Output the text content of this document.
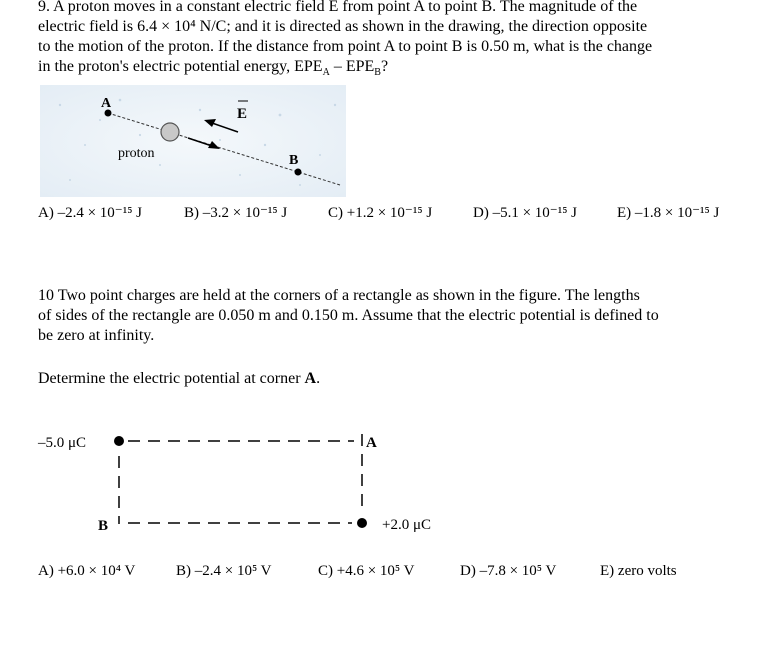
9. A proton moves in a constant electric field E from point A to point B. The magnitude of the
electric field is 6.4 × 10⁴ N/C; and it is directed as shown in the drawing, the direction opposite
to the motion of the proton. If the distance from point A to point B is 0.50 m, what is the change
in the proton's electric potential energy, $EPE_A - EPE_B$?
A
proton
E
B
A) –2.4 × 10⁻¹⁵ J	B) –3.2 × 10⁻¹⁵ J	C) +1.2 × 10⁻¹⁵ J	D) –5.1 × 10⁻¹⁵ J	E) –1.8 × 10⁻¹⁵ J
10 Two point charges are held at the corners of a rectangle as shown in the figure. The lengths
of sides of the rectangle are 0.050 m and 0.150 m. Assume that the electric potential is defined to
be zero at infinity.
Determine the electric potential at corner A.
–5.0 μC	A
B	+2.0 μC
A) +6.0 × 10⁴ V	B) –2.4 × 10⁵ V	C) +4.6 × 10⁵ V	D) –7.8 × 10⁵ V	E) zero volts
